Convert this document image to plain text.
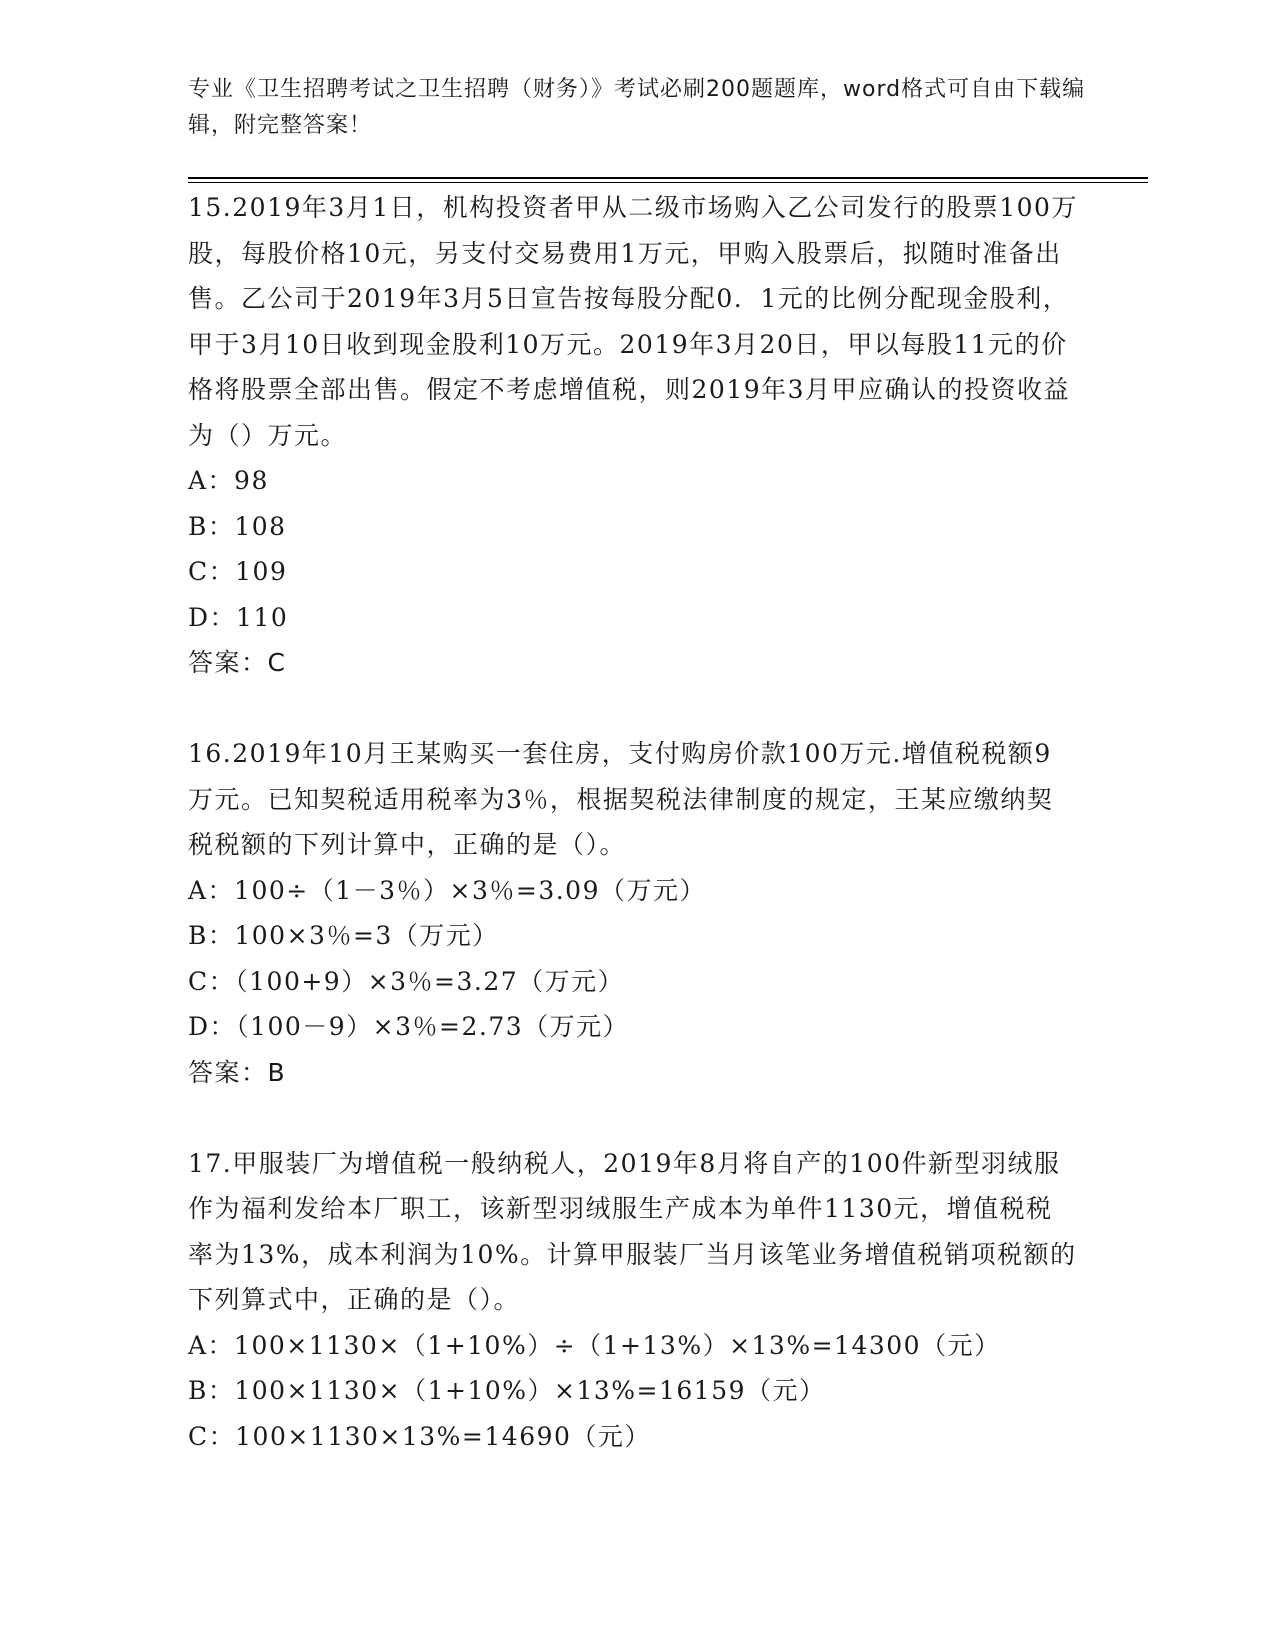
专业《卫生招聘考试之卫生招聘（财务）》考试必刷200题题库，word格式可自由下载编辑，附完整答案！
15.2019年3月1日，机构投资者甲从二级市场购入乙公司发行的股票100万股，每股价格10元，另支付交易费用1万元，甲购入股票后，拟随时准备出售。乙公司于2019年3月5日宣告按每股分配0．1元的比例分配现金股利，甲于3月10日收到现金股利10万元。2019年3月20日，甲以每股11元的价格将股票全部出售。假定不考虑增值税，则2019年3月甲应确认的投资收益为（）万元。
A：98
B：108
C：109
D：110
答案：C
16.2019年10月王某购买一套住房，支付购房价款100万元.增值税税额9万元。已知契税适用税率为3％，根据契税法律制度的规定，王某应缴纳契税税额的下列计算中，正确的是（）。
A：100÷（1－3％）×3％=3.09（万元）
B：100×3％=3（万元）
C：（100+9）×3％=3.27（万元）
D：（100－9）×3％=2.73（万元）
答案：B
17.甲服装厂为增值税一般纳税人，2019年8月将自产的100件新型羽绒服作为福利发给本厂职工，该新型羽绒服生产成本为单件1130元，增值税税率为13%，成本利润为10%。计算甲服装厂当月该笔业务增值税销项税额的下列算式中，正确的是（）。
A：100×1130×（1+10%）÷（1+13%）×13%=14300（元）
B：100×1130×（1+10%）×13%=16159（元）
C：100×1130×13%=14690（元）
